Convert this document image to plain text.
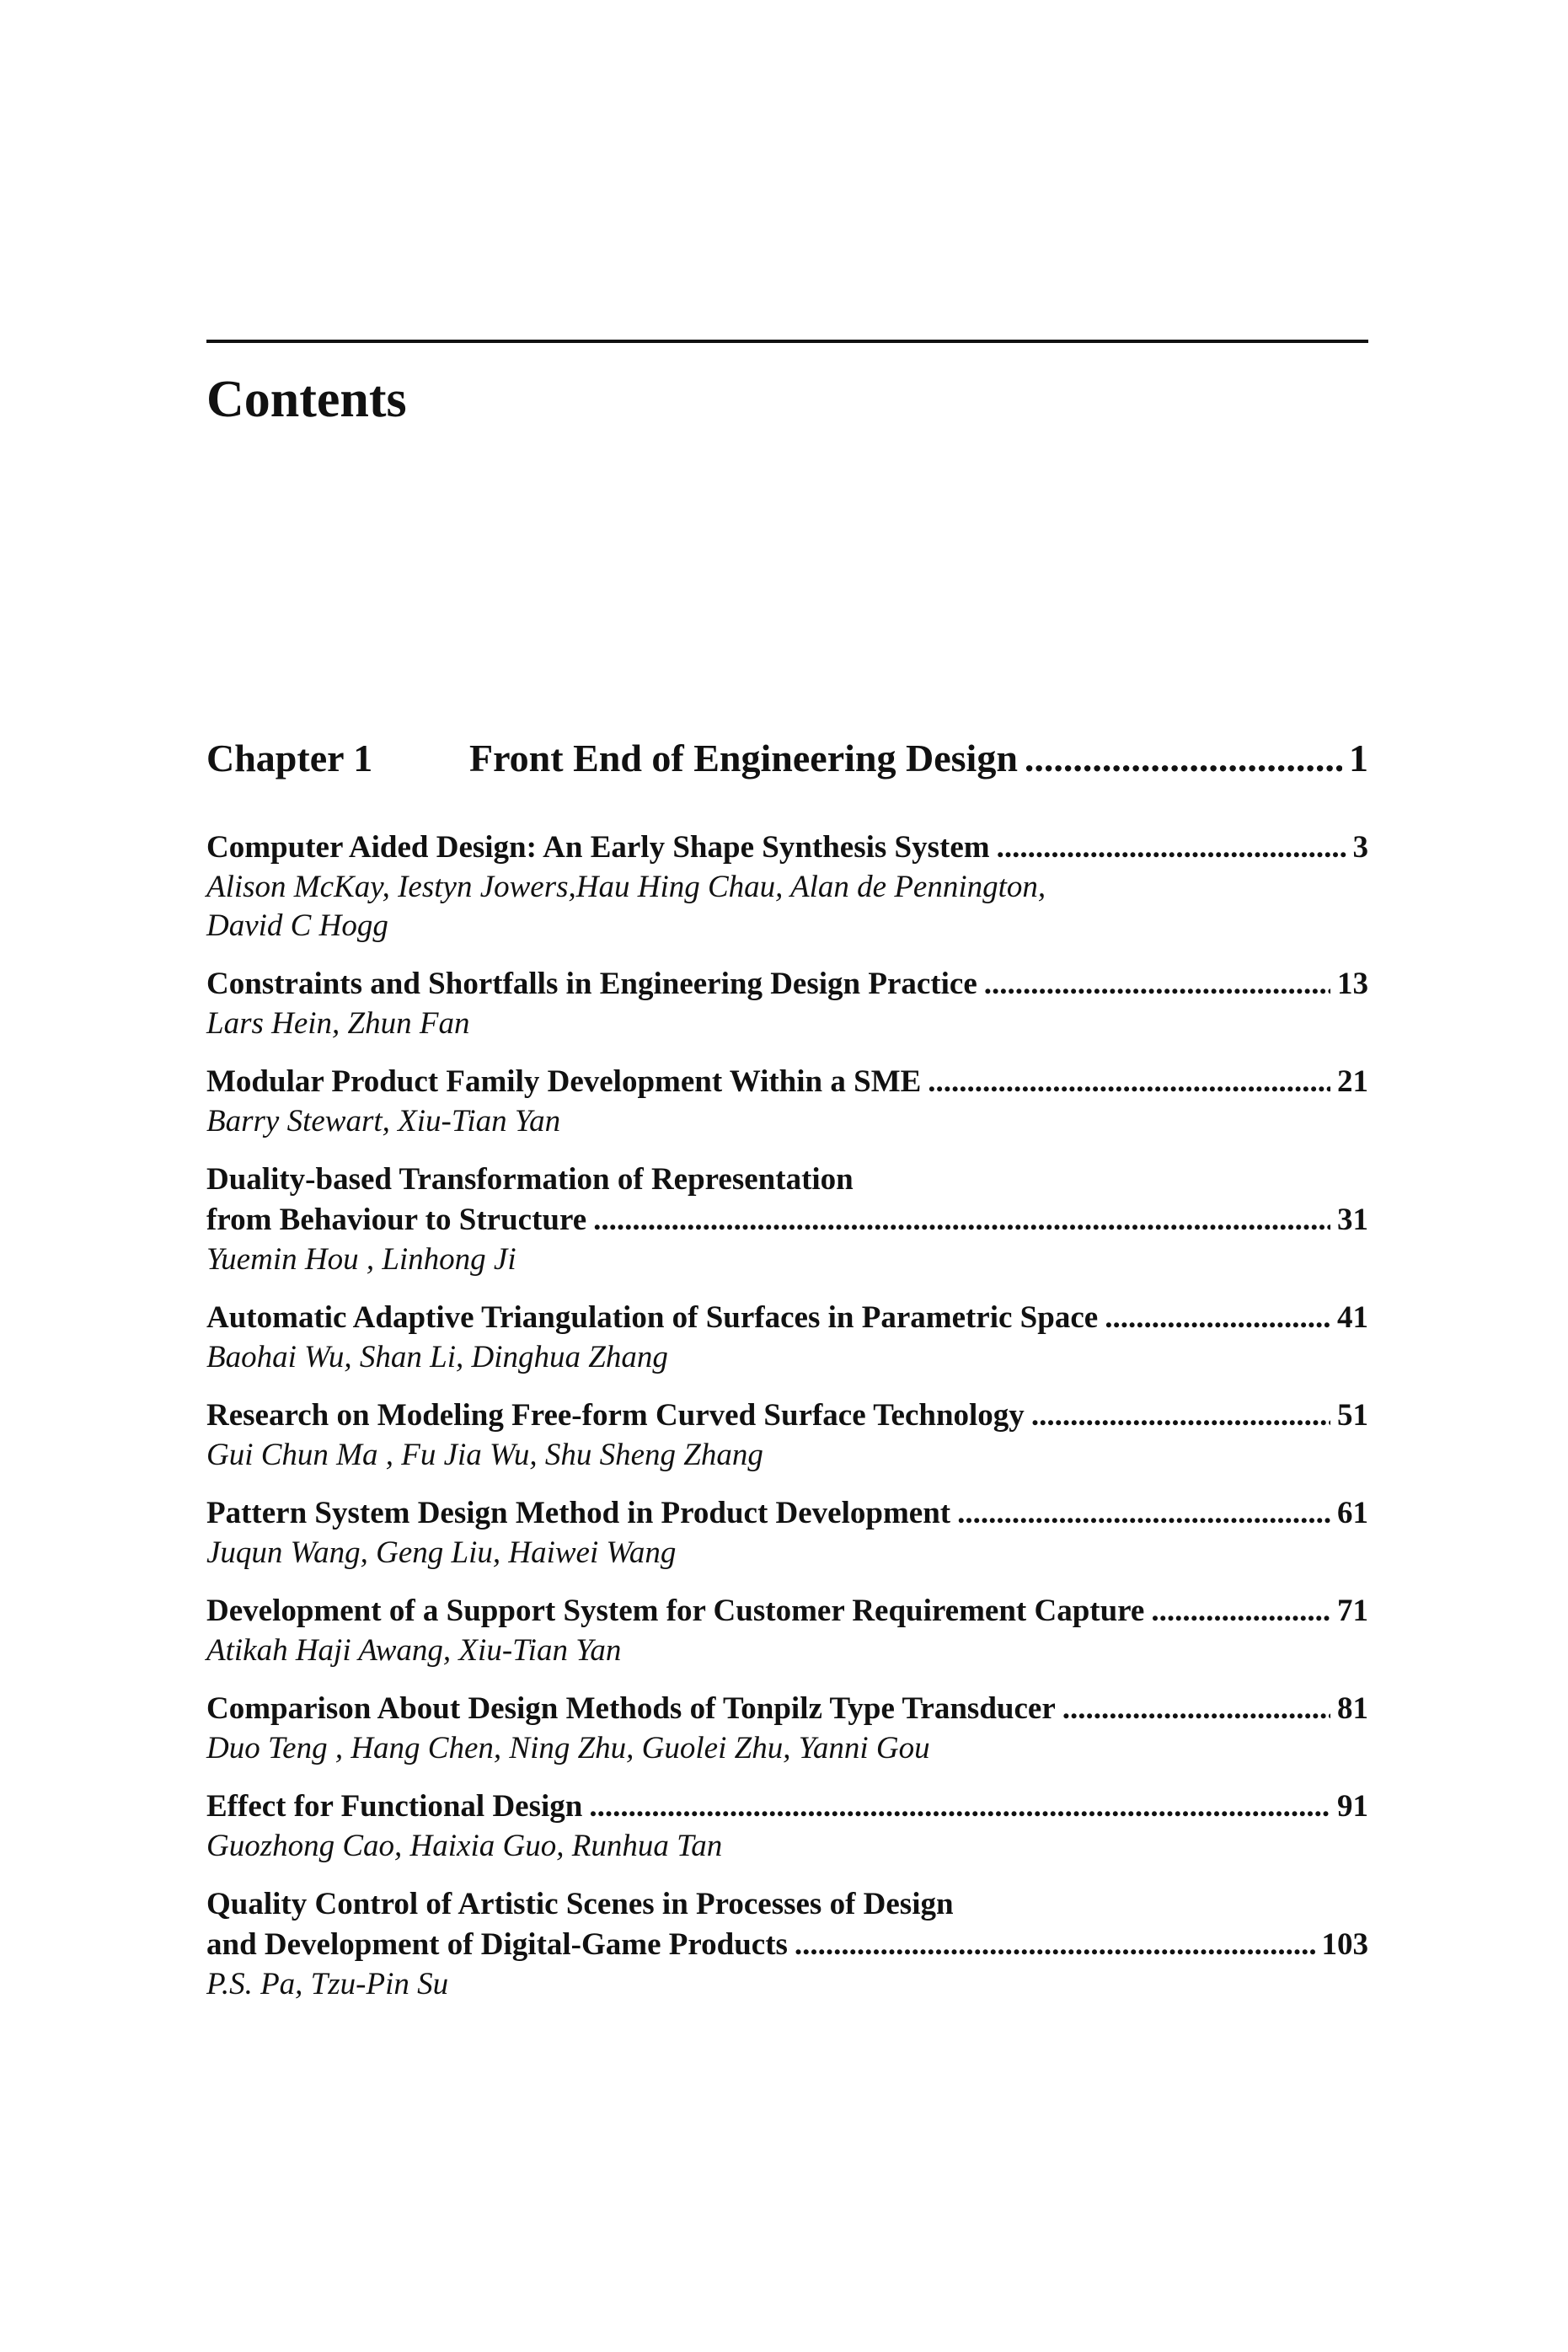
Contents
Chapter 1	Front End of Engineering Design .....	1
Computer Aided Design: An Early Shape Synthesis System .....	3
Alison McKay, Iestyn Jowers,Hau Hing Chau, Alan de Pennington,
David C Hogg
Constraints and Shortfalls in Engineering Design Practice .....	13
Lars Hein, Zhun Fan
Modular Product Family Development Within a SME .....	21
Barry Stewart, Xiu-Tian Yan
Duality-based Transformation of Representation
from Behaviour to Structure .....	31
Yuemin Hou , Linhong Ji
Automatic Adaptive Triangulation of Surfaces in Parametric Space .....	41
Baohai Wu, Shan Li, Dinghua Zhang
Research on Modeling Free-form Curved Surface Technology .....	51
Gui Chun Ma , Fu Jia Wu, Shu Sheng Zhang
Pattern System Design Method in Product Development .....	61
Juqun Wang, Geng Liu, Haiwei Wang
Development of a Support System for Customer Requirement Capture .....	71
Atikah Haji Awang, Xiu-Tian Yan
Comparison About Design Methods of Tonpilz Type Transducer .....	81
Duo Teng , Hang Chen, Ning Zhu, Guolei Zhu, Yanni Gou
Effect for Functional Design .....	91
Guozhong Cao, Haixia Guo, Runhua Tan
Quality Control of Artistic Scenes in Processes of Design
and Development of Digital-Game Products .....	103
P.S. Pa, Tzu-Pin Su
